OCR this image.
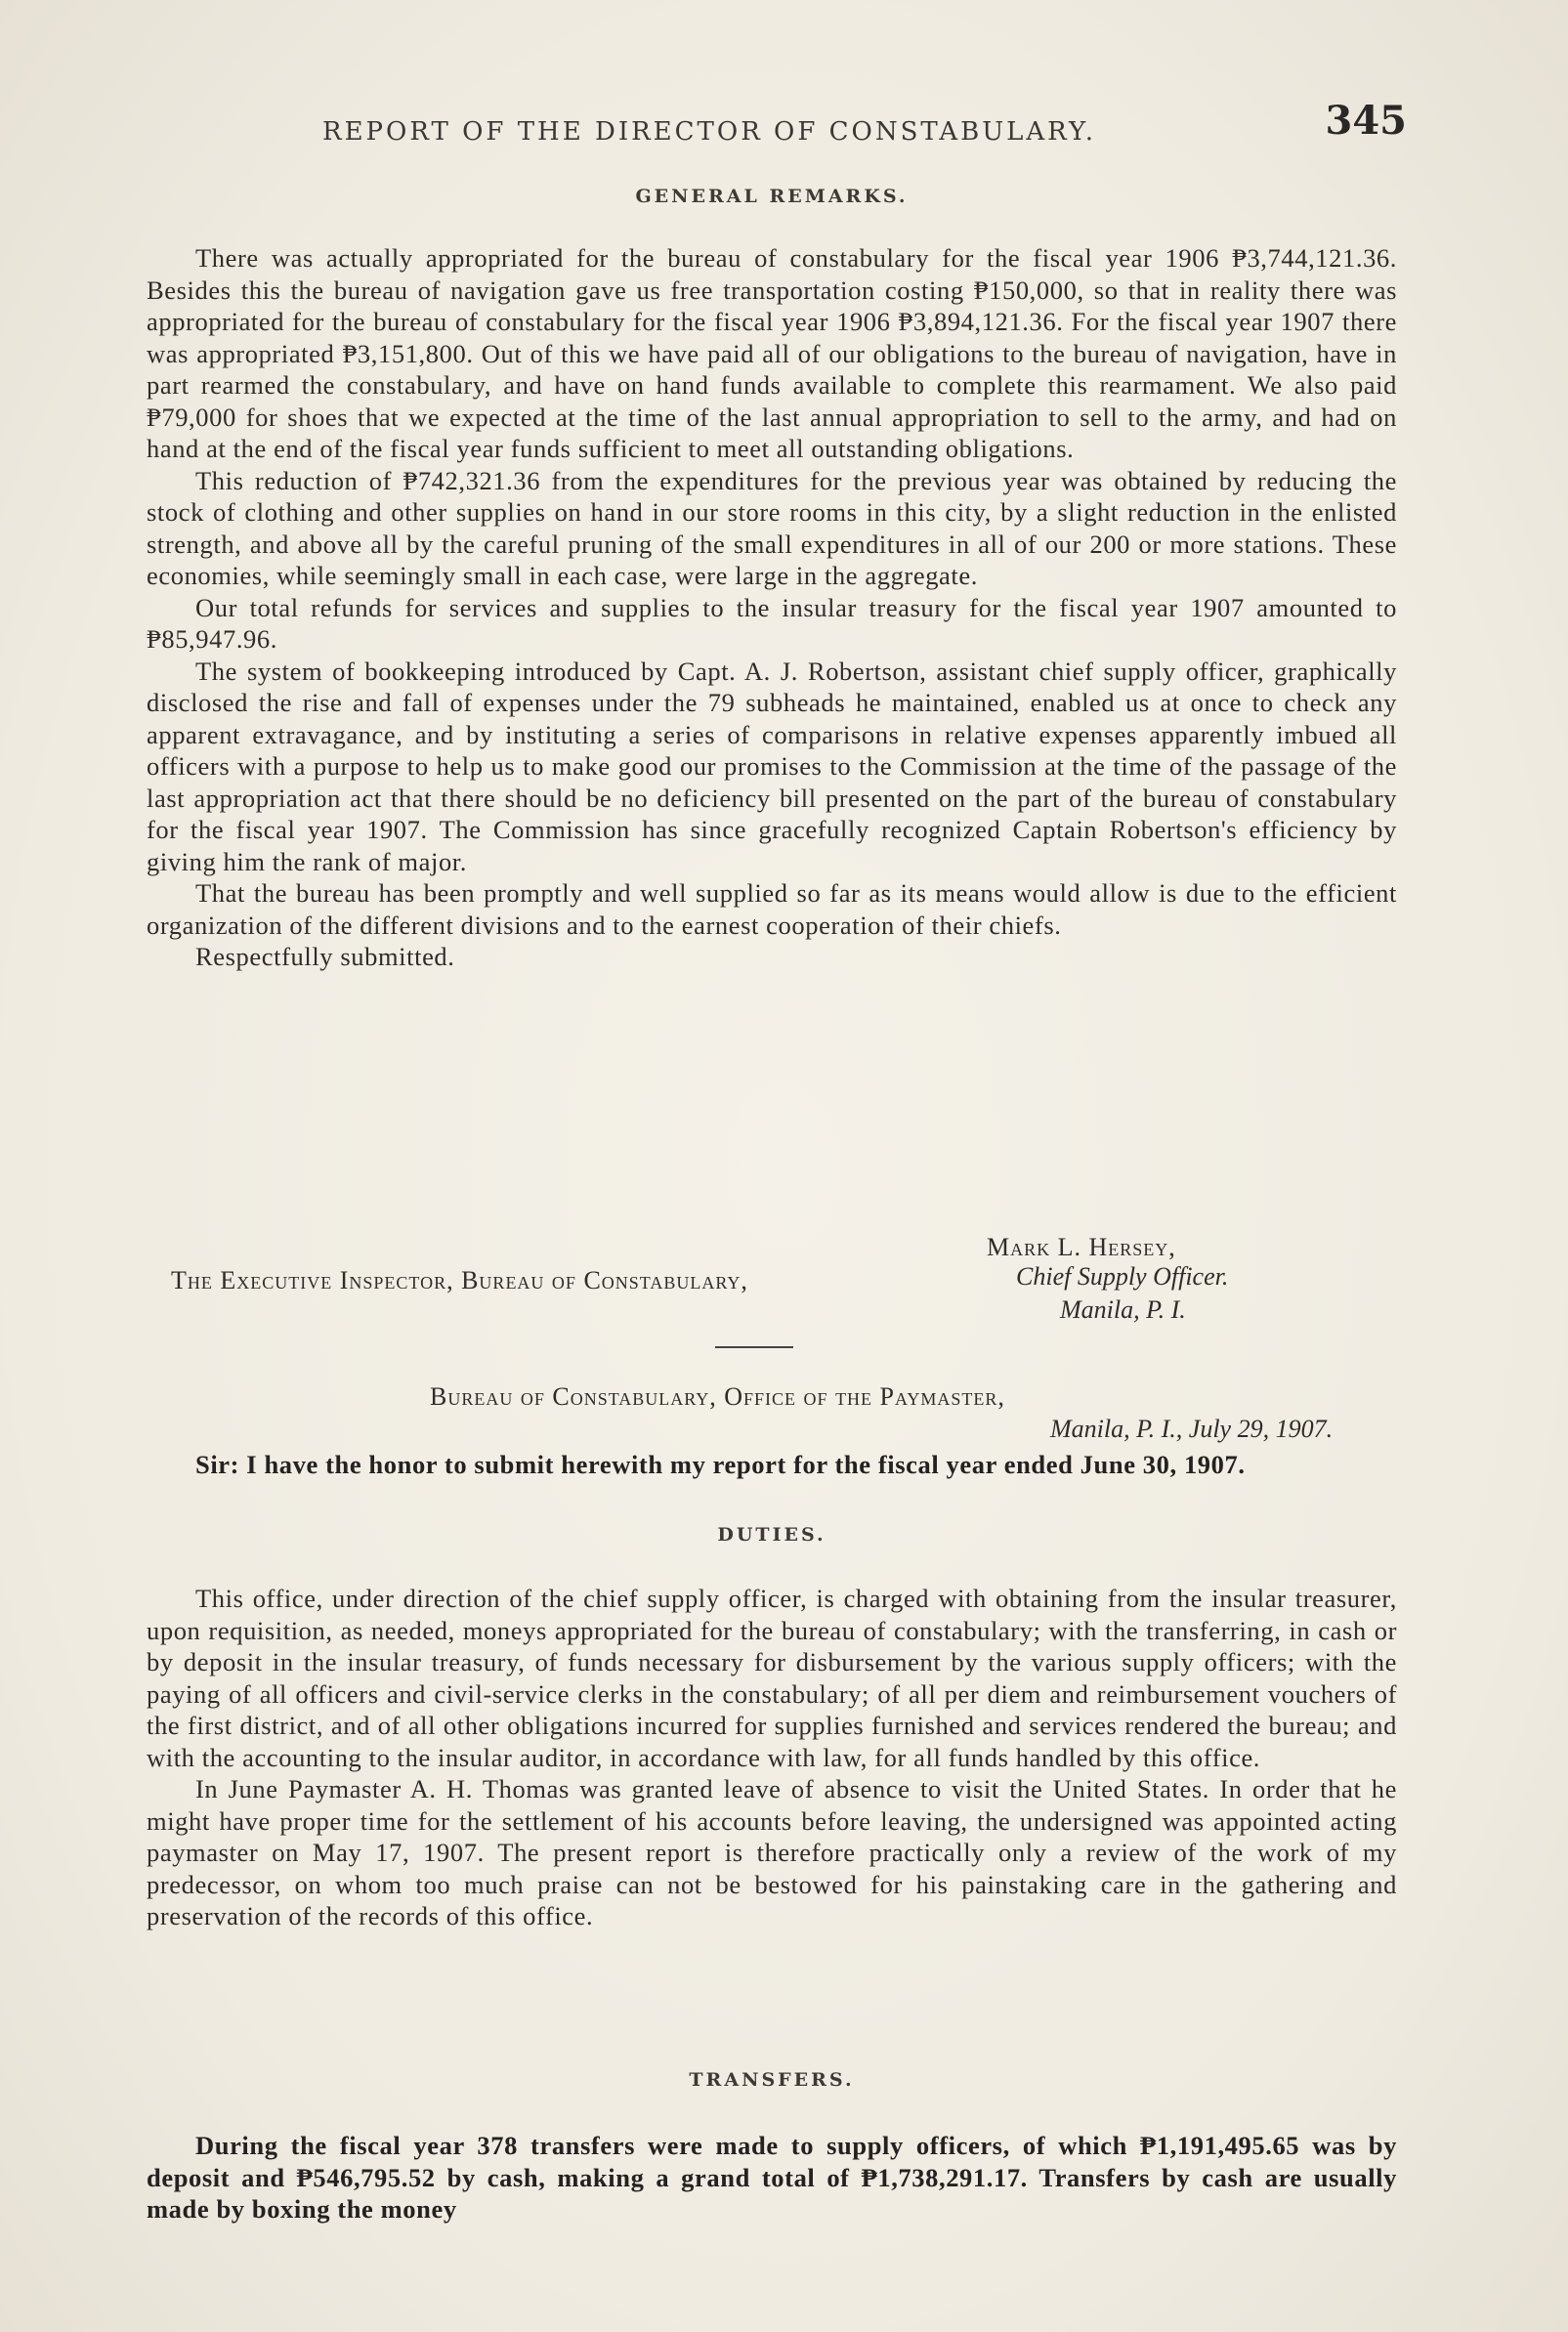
REPORT OF THE DIRECTOR OF CONSTABULARY.	345
GENERAL REMARKS.

There was actually appropriated for the bureau of constabulary for the fiscal year 1906 ₱3,744,121.36. Besides this the bureau of navigation gave us free transportation costing ₱150,000, so that in reality there was appropriated for the bureau of constabulary for the fiscal year 1906 ₱3,894,121.36. For the fiscal year 1907 there was appropriated ₱3,151,800. Out of this we have paid all of our obligations to the bureau of navigation, have in part rearmed the constabulary, and have on hand funds available to complete this rearmament. We also paid ₱79,000 for shoes that we expected at the time of the last annual appropriation to sell to the army, and had on hand at the end of the fiscal year funds sufficient to meet all outstanding obligations.

This reduction of ₱742,321.36 from the expenditures for the previous year was obtained by reducing the stock of clothing and other supplies on hand in our store rooms in this city, by a slight reduction in the enlisted strength, and above all by the careful pruning of the small expenditures in all of our 200 or more stations. These economies, while seemingly small in each case, were large in the aggregate.

Our total refunds for services and supplies to the insular treasury for the fiscal year 1907 amounted to ₱85,947.96.

The system of bookkeeping introduced by Capt. A. J. Robertson, assistant chief supply officer, graphically disclosed the rise and fall of expenses under the 79 subheads he maintained, enabled us at once to check any apparent extravagance, and by instituting a series of comparisons in relative expenses apparently imbued all officers with a purpose to help us to make good our promises to the Commission at the time of the passage of the last appropriation act that there should be no deficiency bill presented on the part of the bureau of constabulary for the fiscal year 1907. The Commission has since gracefully recognized Captain Robertson's efficiency by giving him the rank of major.

That the bureau has been promptly and well supplied so far as its means would allow is due to the efficient organization of the different divisions and to the earnest cooperation of their chiefs.

Respectfully submitted.

Mark L. Hersey,
Chief Supply Officer.
The Executive Inspector, Bureau of Constabulary,
Manila, P. I.
Bureau of Constabulary, Office of the Paymaster,
Manila, P. I., July 29, 1907.

Sir: I have the honor to submit herewith my report for the fiscal year ended June 30, 1907.

DUTIES.

This office, under direction of the chief supply officer, is charged with obtaining from the insular treasurer, upon requisition, as needed, moneys appropriated for the bureau of constabulary; with the transferring, in cash or by deposit in the insular treasury, of funds necessary for disbursement by the various supply officers; with the paying of all officers and civil-service clerks in the constabulary; of all per diem and reimbursement vouchers of the first district, and of all other obligations incurred for supplies furnished and services rendered the bureau; and with the accounting to the insular auditor, in accordance with law, for all funds handled by this office.

In June Paymaster A. H. Thomas was granted leave of absence to visit the United States. In order that he might have proper time for the settlement of his accounts before leaving, the undersigned was appointed acting paymaster on May 17, 1907. The present report is therefore practically only a review of the work of my predecessor, on whom too much praise can not be bestowed for his painstaking care in the gathering and preservation of the records of this office.

TRANSFERS.

During the fiscal year 378 transfers were made to supply officers, of which ₱1,191,495.65 was by deposit and ₱546,795.52 by cash, making a grand total of ₱1,738,291.17. Transfers by cash are usually made by boxing the money
